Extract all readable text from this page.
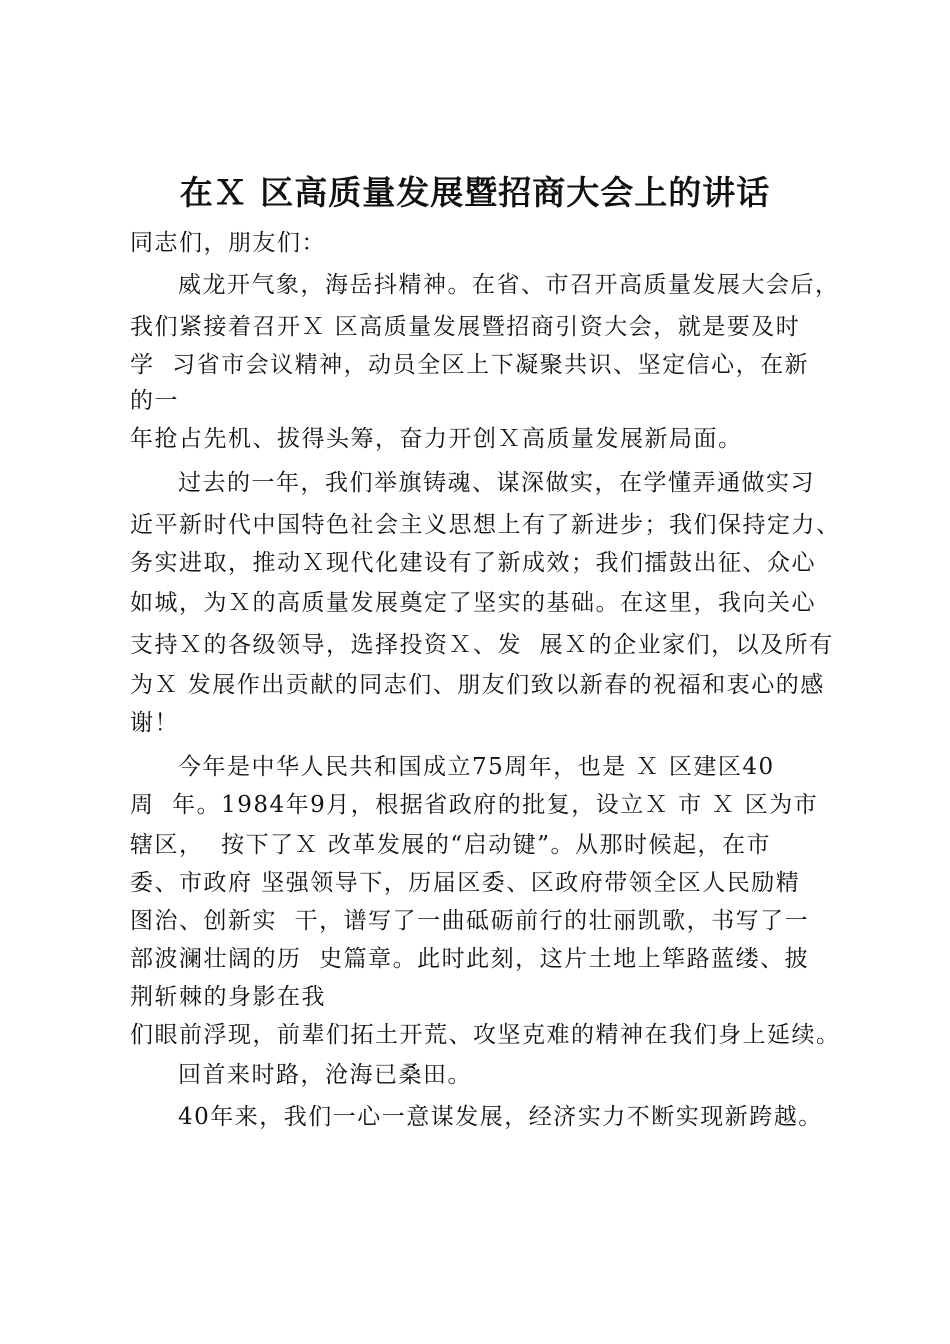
在Ｘ 区高质量发展暨招商大会上的讲话
同志们，朋友们：
威龙开气象，海岳抖精神。在省、市召开高质量发展大会后，
我们紧接着召开Ｘ 区高质量发展暨招商引资大会，就是要及时
学  习省市会议精神，动员全区上下凝聚共识、坚定信心，在新
的一
年抢占先机、拔得头筹，奋力开创Ｘ高质量发展新局面。
过去的一年，我们举旗铸魂、谋深做实，在学懂弄通做实习
近平新时代中国特色社会主义思想上有了新进步；我们保持定力、
务实进取，推动Ｘ现代化建设有了新成效；我们擂鼓出征、众心
如城，为Ｘ的高质量发展奠定了坚实的基础。在这里，我向关心
支持Ｘ的各级领导，选择投资Ｘ、发  展Ｘ的企业家们，以及所有
为Ｘ 发展作出贡献的同志们、朋友们致以新春的祝福和衷心的感
谢！
今年是中华人民共和国成立75周年，也是 Ｘ 区建区40
周  年。1984年9月，根据省政府的批复，设立Ｘ 市 Ｘ 区为市
辖区，  按下了Ｘ 改革发展的“启动键”。从那时候起，在市
委、市政府 坚强领导下，历届区委、区政府带领全区人民励精
图治、创新实  干，谱写了一曲砥砺前行的壮丽凯歌，书写了一
部波澜壮阔的历  史篇章。此时此刻，这片土地上筚路蓝缕、披
荆斩棘的身影在我
们眼前浮现，前辈们拓土开荒、攻坚克难的精神在我们身上延续。
回首来时路，沧海已桑田。
40年来，我们一心一意谋发展，经济实力不断实现新跨越。
